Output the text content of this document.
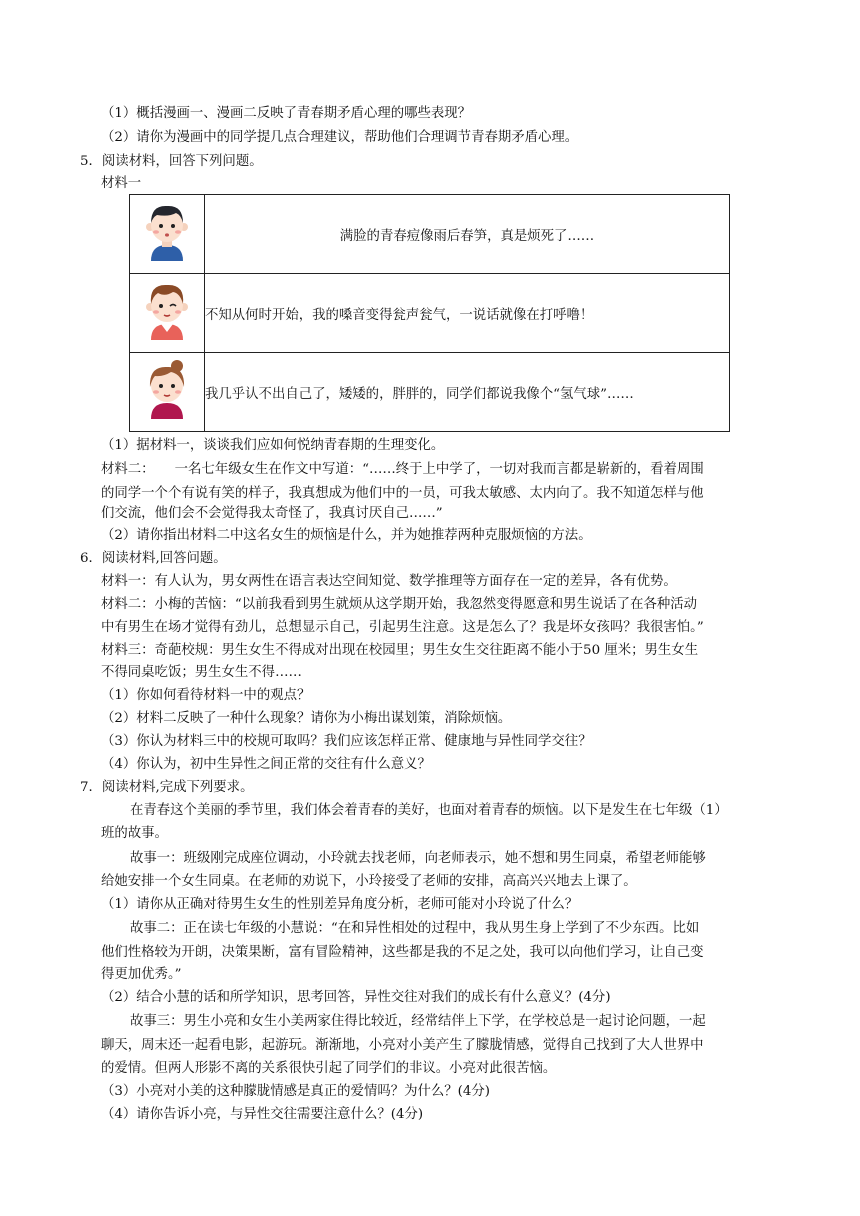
（1）概括漫画一、漫画二反映了青春期矛盾心理的哪些表现？
（2）请你为漫画中的同学提几点合理建议，帮助他们合理调节青春期矛盾心理。
5．阅读材料，回答下列问题。
材料一
	满脸的青春痘像雨后春笋，真是烦死了……
	不知从何时开始，我的嗓音变得瓮声瓮气，一说话就像在打呼噜！
	我几乎认不出自己了，矮矮的，胖胖的，同学们都说我像个“氢气球”……
（1）据材料一，谈谈我们应如何悦纳青春期的生理变化。
材料二：　　一名七年级女生在作文中写道：“……终于上中学了，一切对我而言都是崭新的，看着周围
的同学一个个有说有笑的样子，我真想成为他们中的一员，可我太敏感、太内向了。我不知道怎样与他
们交流，他们会不会觉得我太奇怪了，我真讨厌自己……”
（2）请你指出材料二中这名女生的烦恼是什么，并为她推荐两种克服烦恼的方法。
6．阅读材料,回答问题。
材料一：有人认为，男女两性在语言表达空间知觉、数学推理等方面存在一定的差异，各有优势。
材料二：小梅的苦恼：“以前我看到男生就烦从这学期开始，我忽然变得愿意和男生说话了在各种活动
中有男生在场才觉得有劲儿，总想显示自己，引起男生注意。这是怎么了？我是坏女孩吗？我很害怕。”
材料三：奇葩校规：男生女生不得成对出现在校园里；男生女生交往距离不能小于50 厘米；男生女生
不得同桌吃饭；男生女生不得……
（1）你如何看待材料一中的观点？
（2）材料二反映了一种什么现象？请你为小梅出谋划策，消除烦恼。
（3）你认为材料三中的校规可取吗？我们应该怎样正常、健康地与异性同学交往？
（4）你认为，初中生异性之间正常的交往有什么意义？
7．阅读材料,完成下列要求。
在青春这个美丽的季节里，我们体会着青春的美好，也面对着青春的烦恼。以下是发生在七年级（1）
班的故事。
故事一：班级刚完成座位调动，小玲就去找老师，向老师表示，她不想和男生同桌，希望老师能够
给她安排一个女生同桌。在老师的劝说下，小玲接受了老师的安排，高高兴兴地去上课了。
（1）请你从正确对待男生女生的性别差异角度分析，老师可能对小玲说了什么？
故事二：正在读七年级的小慧说：“在和异性相处的过程中，我从男生身上学到了不少东西。比如
他们性格较为开朗，决策果断，富有冒险精神，这些都是我的不足之处，我可以向他们学习，让自己变
得更加优秀。”
（2）结合小慧的话和所学知识，思考回答，异性交往对我们的成长有什么意义？(4分)
故事三：男生小亮和女生小美两家住得比较近，经常结伴上下学，在学校总是一起讨论问题，一起
聊天，周末还一起看电影，起游玩。渐渐地，小亮对小美产生了朦胧情感，觉得自己找到了大人世界中
的爱情。但两人形影不离的关系很快引起了同学们的非议。小亮对此很苦恼。
（3）小亮对小美的这种朦胧情感是真正的爱情吗？为什么？(4分)
（4）请你告诉小亮，与异性交往需要注意什么？(4分)
